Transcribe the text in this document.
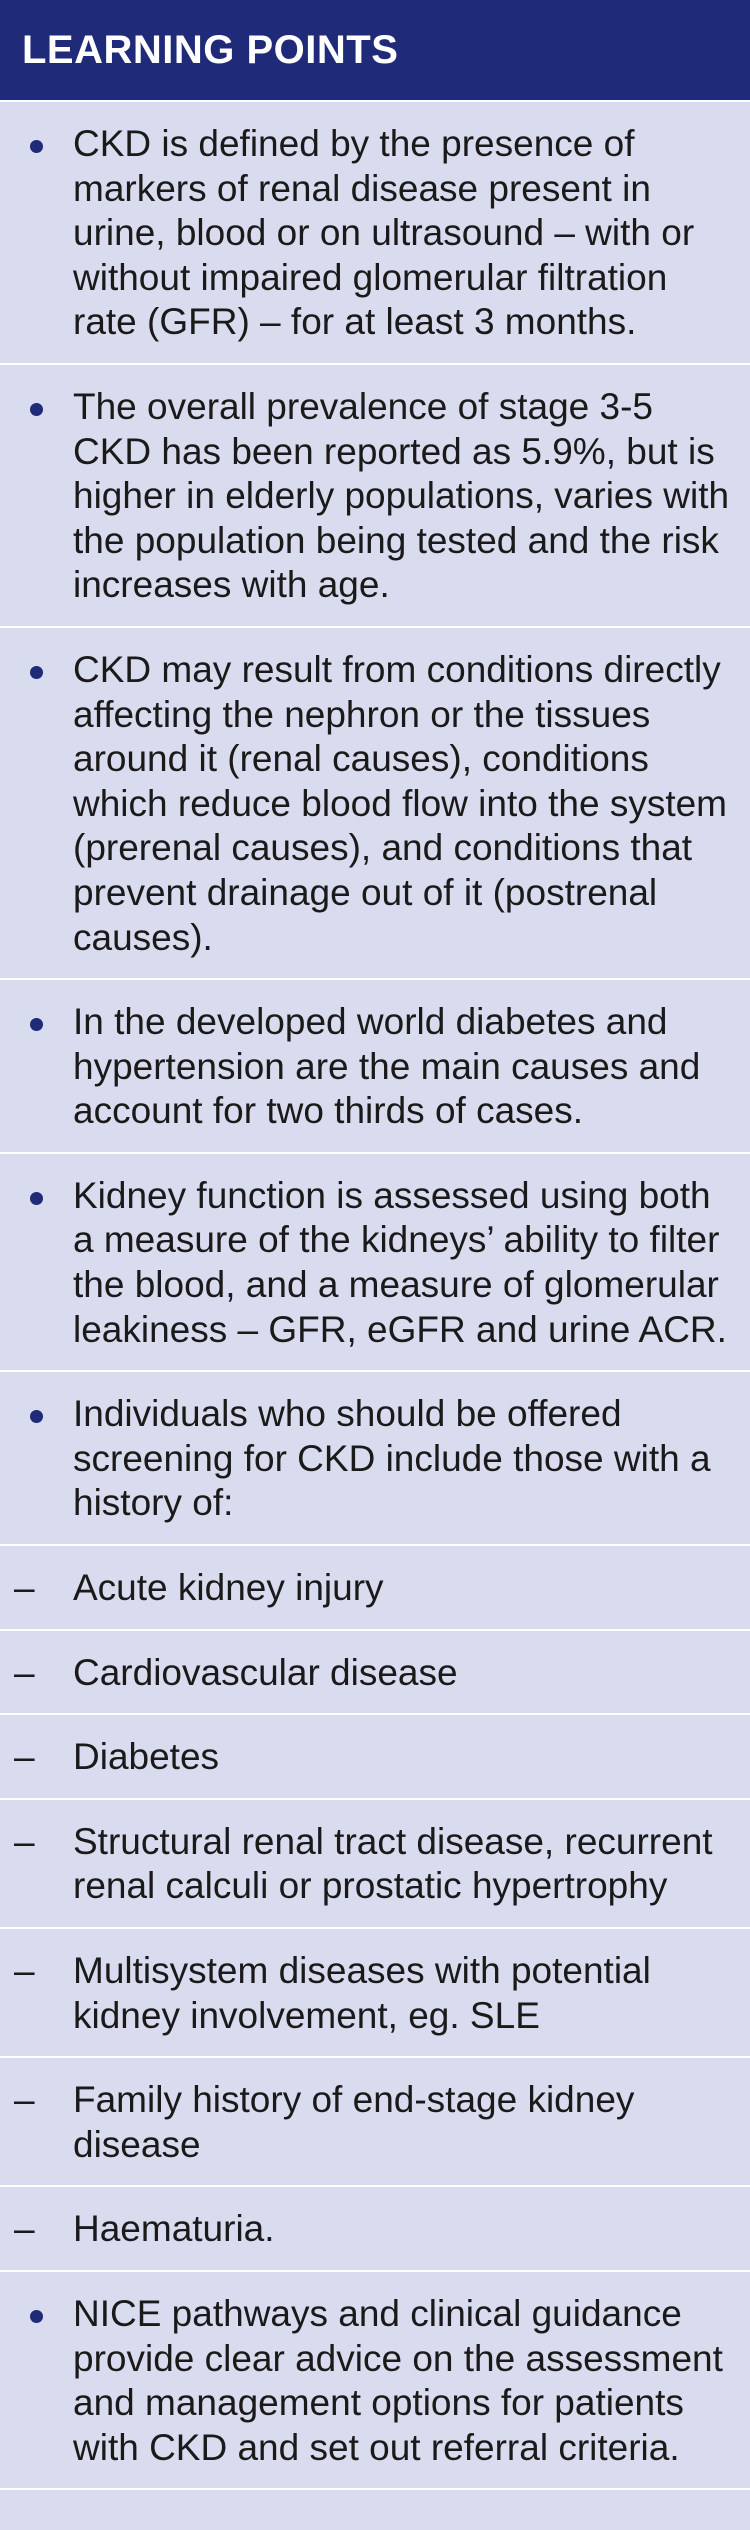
LEARNING POINTS
CKD is defined by the presence of markers of renal disease present in urine, blood or on ultrasound – with or without impaired glomerular filtration rate (GFR) – for at least 3 months.
The overall prevalence of stage 3-5 CKD has been reported as 5.9%, but is higher in elderly populations, varies with the population being tested and the risk increases with age.
CKD may result from conditions directly affecting the nephron or the tissues around it (renal causes), conditions which reduce blood flow into the system (prerenal causes), and conditions that prevent drainage out of it (postrenal causes).
In the developed world diabetes and hypertension are the main causes and account for two thirds of cases.
Kidney function is assessed using both a measure of the kidneys’ ability to filter the blood, and a measure of glomerular leakiness – GFR, eGFR and urine ACR.
Individuals who should be offered screening for CKD include those with a history of:
– Acute kidney injury
– Cardiovascular disease
– Diabetes
– Structural renal tract disease, recurrent renal calculi or prostatic hypertrophy
– Multisystem diseases with potential kidney involvement, eg. SLE
– Family history of end-stage kidney disease
– Haematuria.
NICE pathways and clinical guidance provide clear advice on the assessment and management options for patients with CKD and set out referral criteria.
